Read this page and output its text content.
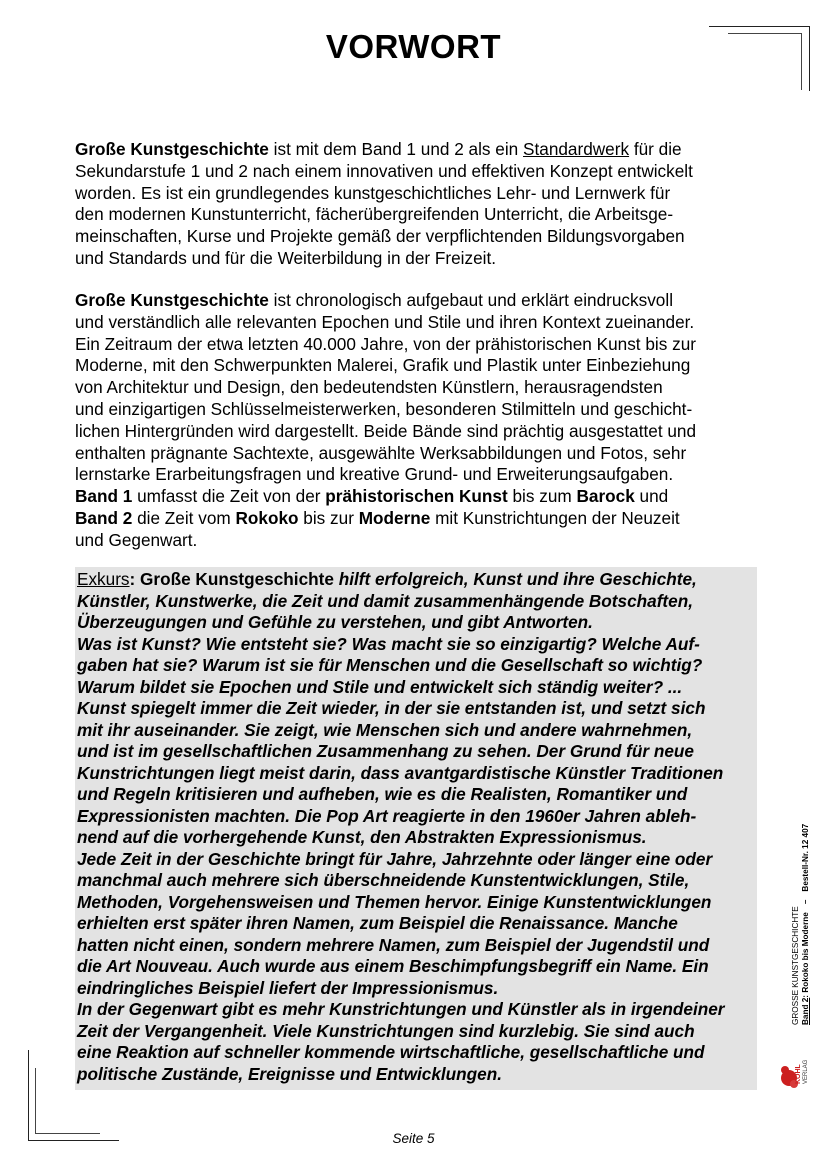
VORWORT
Große Kunstgeschichte ist mit dem Band 1 und 2 als ein Standardwerk für die
Sekundarstufe 1 und 2 nach einem innovativen und effektiven Konzept entwickelt
worden. Es ist ein grundlegendes kunstgeschichtliches Lehr- und Lernwerk für
den modernen Kunstunterricht, fächerübergreifenden Unterricht, die Arbeitsge-
meinschaften, Kurse und Projekte gemäß der verpflichtenden Bildungsvorgaben
und Standards und für die Weiterbildung in der Freizeit.
Große Kunstgeschichte ist chronologisch aufgebaut und erklärt eindrucksvoll
und verständlich alle relevanten Epochen und Stile und ihren Kontext zueinander.
Ein Zeitraum der etwa letzten 40.000 Jahre, von der prähistorischen Kunst bis zur
Moderne, mit den Schwerpunkten Malerei, Grafik und Plastik unter Einbeziehung
von Architektur und Design, den bedeutendsten Künstlern, herausragendsten
und einzigartigen Schlüsselmeisterwerken, besonderen Stilmitteln und geschicht-
lichen Hintergründen wird dargestellt. Beide Bände sind prächtig ausgestattet und
enthalten prägnante Sachtexte, ausgewählte Werksabbildungen und Fotos, sehr
lernstarke Erarbeitungsfragen und kreative Grund- und Erweiterungsaufgaben.
Band 1 umfasst die Zeit von der prähistorischen Kunst bis zum Barock und
Band 2 die Zeit vom Rokoko bis zur Moderne mit Kunstrichtungen der Neuzeit
und Gegenwart.
Exkurs: Große Kunstgeschichte hilft erfolgreich, Kunst und ihre Geschichte,
Künstler, Kunstwerke, die Zeit und damit zusammenhängende Botschaften,
Überzeugungen und Gefühle zu verstehen, und gibt Antworten.
Was ist Kunst? Wie entsteht sie? Was macht sie so einzigartig? Welche Auf-
gaben hat sie? Warum ist sie für Menschen und die Gesellschaft so wichtig?
Warum bildet sie Epochen und Stile und entwickelt sich ständig weiter? ...
Kunst spiegelt immer die Zeit wieder, in der sie entstanden ist, und setzt sich
mit ihr auseinander. Sie zeigt, wie Menschen sich und andere wahrnehmen,
und ist im gesellschaftlichen Zusammenhang zu sehen. Der Grund für neue
Kunstrichtungen liegt meist darin, dass avantgardistische Künstler Traditionen
und Regeln kritisieren und aufheben, wie es die Realisten, Romantiker und
Expressionisten machten. Die Pop Art reagierte in den 1960er Jahren ableh-
nend auf die vorhergehende Kunst, den Abstrakten Expressionismus.
Jede Zeit in der Geschichte bringt für Jahre, Jahrzehnte oder länger eine oder
manchmal auch mehrere sich überschneidende Kunstentwicklungen, Stile,
Methoden, Vorgehensweisen und Themen hervor. Einige Kunstentwicklungen
erhielten erst später ihren Namen, zum Beispiel die Renaissance. Manche
hatten nicht einen, sondern mehrere Namen, zum Beispiel der Jugendstil und
die Art Nouveau. Auch wurde aus einem Beschimpfungsbegriff ein Name. Ein
eindringliches Beispiel liefert der Impressionismus.
In der Gegenwart gibt es mehr Kunstrichtungen und Künstler als in irgendeiner
Zeit der Vergangenheit. Viele Kunstrichtungen sind kurzlebig. Sie sind auch
eine Reaktion auf schneller kommende wirtschaftliche, gesellschaftliche und
politische Zustände, Ereignisse und Entwicklungen.
GROSSE KUNSTGESCHICHTE Band 2: Rokoko bis Moderne–Bestell-Nr. 12 407
KOHL VERLAG
Seite 5
